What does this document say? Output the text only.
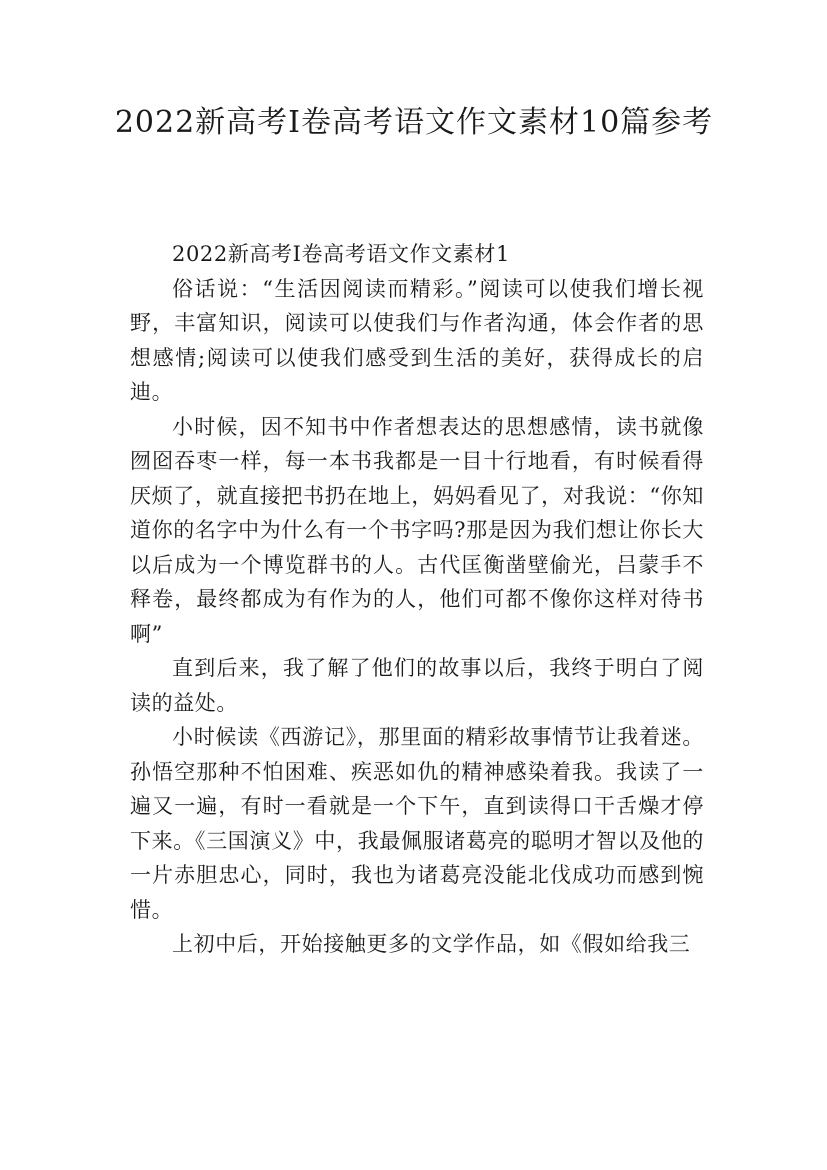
2022新高考Ⅰ卷高考语文作文素材10篇参考

2022新高考Ⅰ卷高考语文作文素材1

俗话说：“生活因阅读而精彩。”阅读可以使我们增长视野，丰富知识，阅读可以使我们与作者沟通，体会作者的思想感情;阅读可以使我们感受到生活的美好，获得成长的启迪。

小时候，因不知书中作者想表达的思想感情，读书就像囫囵吞枣一样，每一本书我都是一目十行地看，有时候看得厌烦了，就直接把书扔在地上，妈妈看见了，对我说：“你知道你的名字中为什么有一个书字吗?那是因为我们想让你长大以后成为一个博览群书的人。古代匡衡凿壁偷光，吕蒙手不释卷，最终都成为有作为的人，他们可都不像你这样对待书啊”

直到后来，我了解了他们的故事以后，我终于明白了阅读的益处。

小时候读《西游记》，那里面的精彩故事情节让我着迷。孙悟空那种不怕困难、疾恶如仇的精神感染着我。我读了一遍又一遍，有时一看就是一个下午，直到读得口干舌燥才停下来。《三国演义》中，我最佩服诸葛亮的聪明才智以及他的一片赤胆忠心，同时，我也为诸葛亮没能北伐成功而感到惋惜。

上初中后，开始接触更多的文学作品，如《假如给我三
